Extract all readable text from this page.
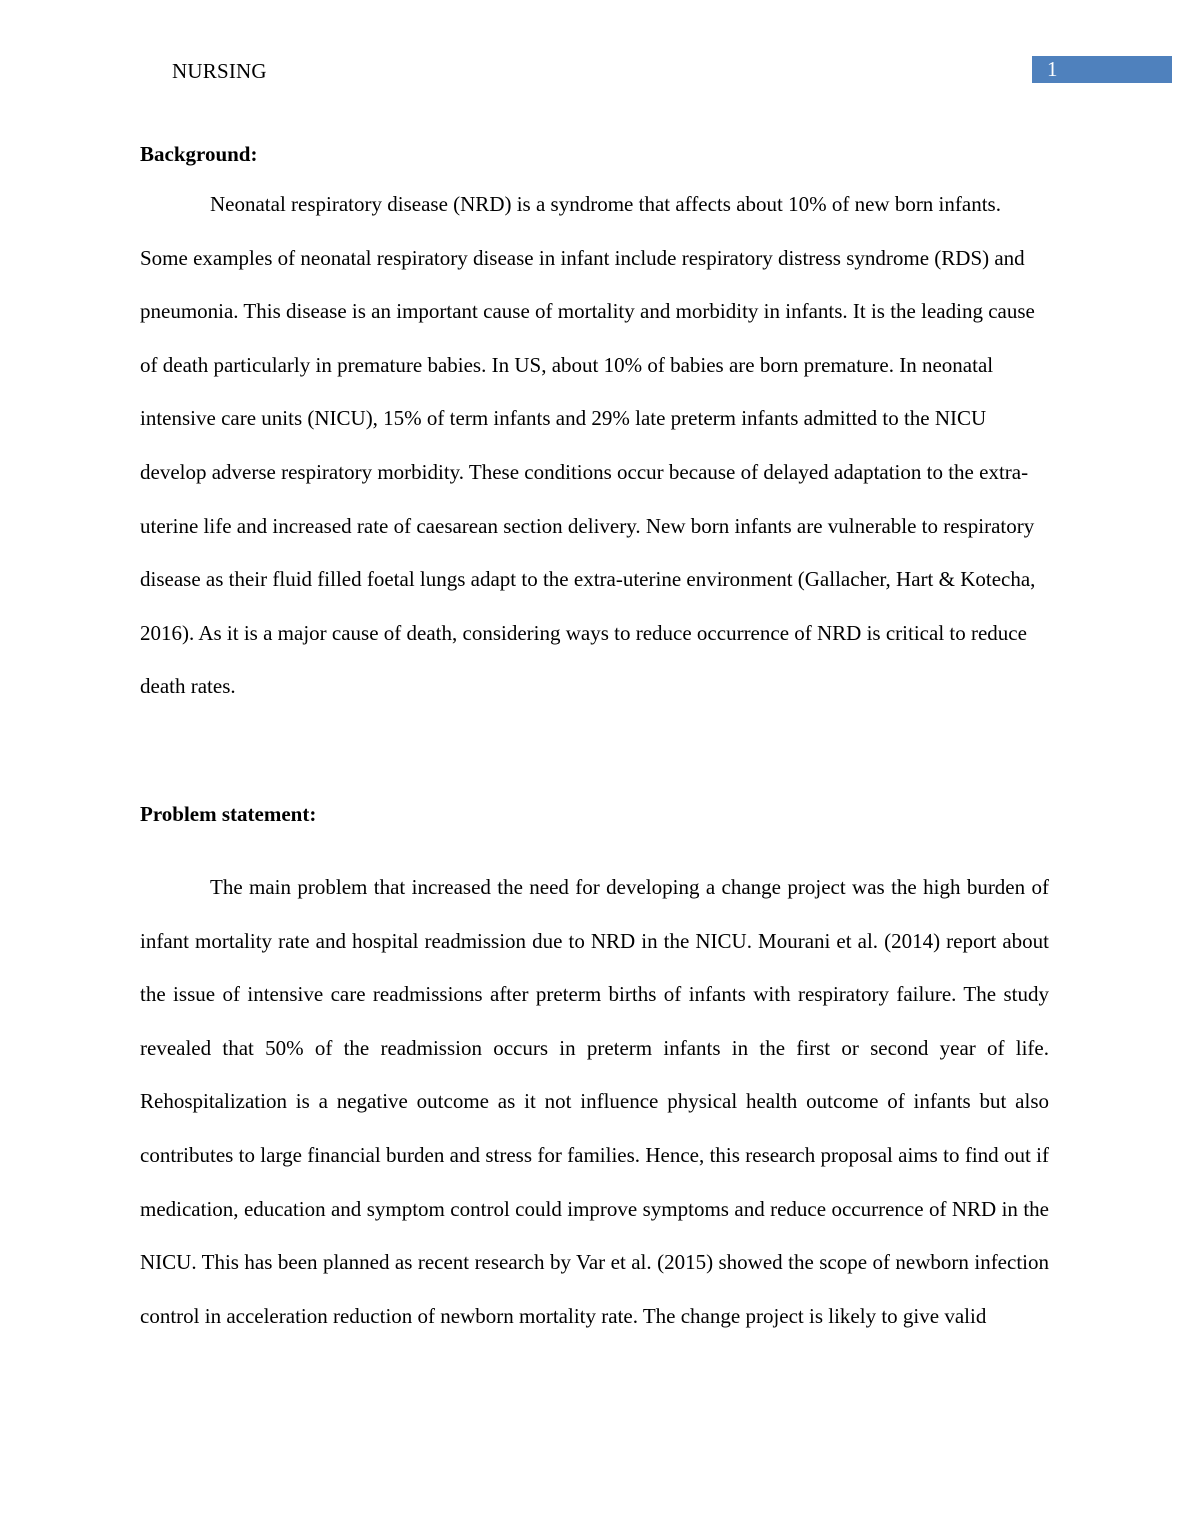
NURSING	1
Background:

Neonatal respiratory disease (NRD) is a syndrome that affects about 10% of new born infants. Some examples of neonatal respiratory disease in infant include respiratory distress syndrome (RDS) and pneumonia. This disease is an important cause of mortality and morbidity in infants. It is the leading cause of death particularly in premature babies. In US, about 10% of babies are born premature. In neonatal intensive care units (NICU), 15% of term infants and 29% late preterm infants admitted to the NICU develop adverse respiratory morbidity. These conditions occur because of delayed adaptation to the extra-uterine life and increased rate of caesarean section delivery. New born infants are vulnerable to respiratory disease as their fluid filled foetal lungs adapt to the extra-uterine environment (Gallacher, Hart & Kotecha, 2016). As it is a major cause of death, considering ways to reduce occurrence of NRD is critical to reduce death rates.

Problem statement:

The main problem that increased the need for developing a change project was the high burden of infant mortality rate and hospital readmission due to NRD in the NICU. Mourani et al. (2014) report about the issue of intensive care readmissions after preterm births of infants with respiratory failure. The study revealed that 50% of the readmission occurs in preterm infants in the first or second year of life. Rehospitalization is a negative outcome as it not influence physical health outcome of infants but also contributes to large financial burden and stress for families. Hence, this research proposal aims to find out if medication, education and symptom control could improve symptoms and reduce occurrence of NRD in the NICU. This has been planned as recent research by Var et al. (2015) showed the scope of newborn infection control in acceleration reduction of newborn mortality rate. The change project is likely to give valid
